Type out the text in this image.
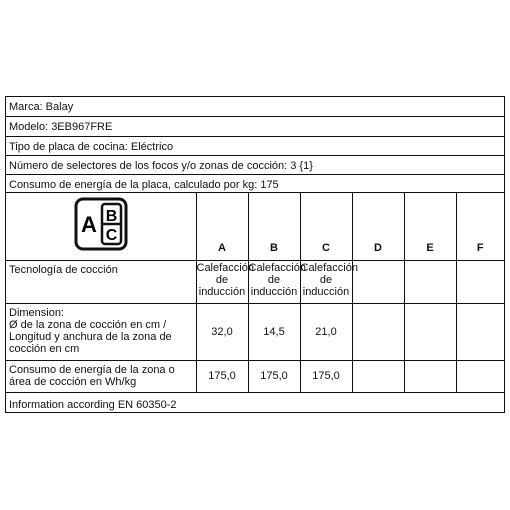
Marca: Balay
Modelo: 3EB967FRE
Tipo de placa de cocina: Eléctrico
Número de selectores de los focos y/o zonas de cocción: 3 {1}
Consumo de energía de la placa, calculado por kg: 175
A B
C	A	B	C	D	E	F
Tecnología de cocción	Calefacción de inducción	Calefacción de inducción	Calefacción de inducción			
Dimension:
Ø de la zona de cocción en cm / Longitud y anchura de la zona de cocción en cm	32,0	14,5	21,0			
Consumo de energía de la zona o área de cocción en Wh/kg	175,0	175,0	175,0			
Information according EN 60350-2
